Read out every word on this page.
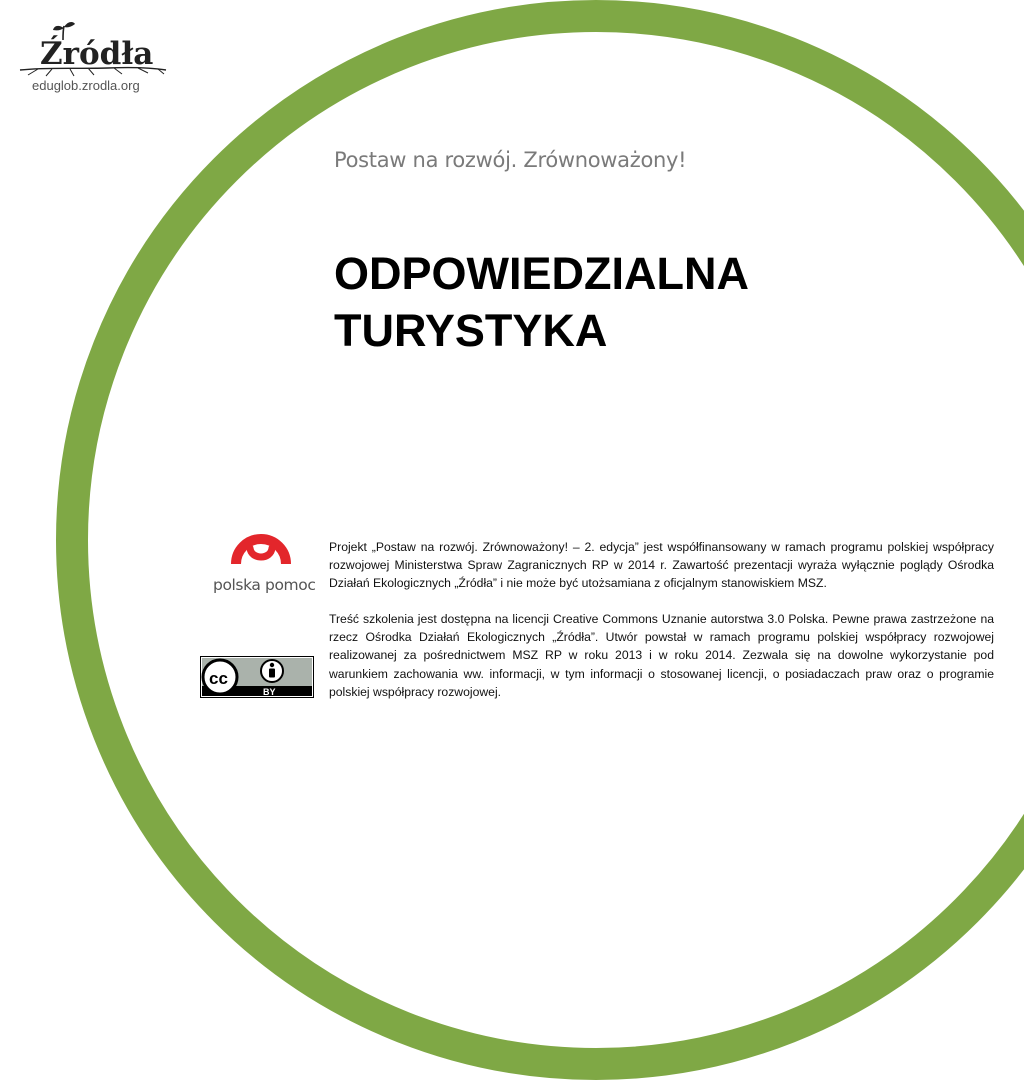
Źródła
eduglob.zrodla.org
Postaw na rozwój. Zrównoważony!
ODPOWIEDZIALNA
TURYSTYKA
polska pomoc
cc
BY

Projekt „Postaw na rozwój. Zrównoważony! – 2. edycja” jest współfinansowany w ramach programu polskiej współpracy rozwojowej Ministerstwa Spraw Zagranicznych RP w 2014 r. Zawartość prezentacji wyraża wyłącznie poglądy Ośrodka Działań Ekologicznych „Źródła” i nie może być utożsamiana z oficjalnym stanowiskiem MSZ.

Treść szkolenia jest dostępna na licencji Creative Commons Uznanie autorstwa 3.0 Polska. Pewne prawa zastrzeżone na rzecz Ośrodka Działań Ekologicznych „Źródła”. Utwór powstał w ramach programu polskiej współpracy rozwojowej realizowanej za pośrednictwem MSZ RP w roku 2013 i w roku 2014. Zezwala się na dowolne wykorzystanie pod warunkiem zachowania ww. informacji, w tym informacji o stosowanej licencji, o posiadaczach praw oraz o programie polskiej współpracy rozwojowej.
